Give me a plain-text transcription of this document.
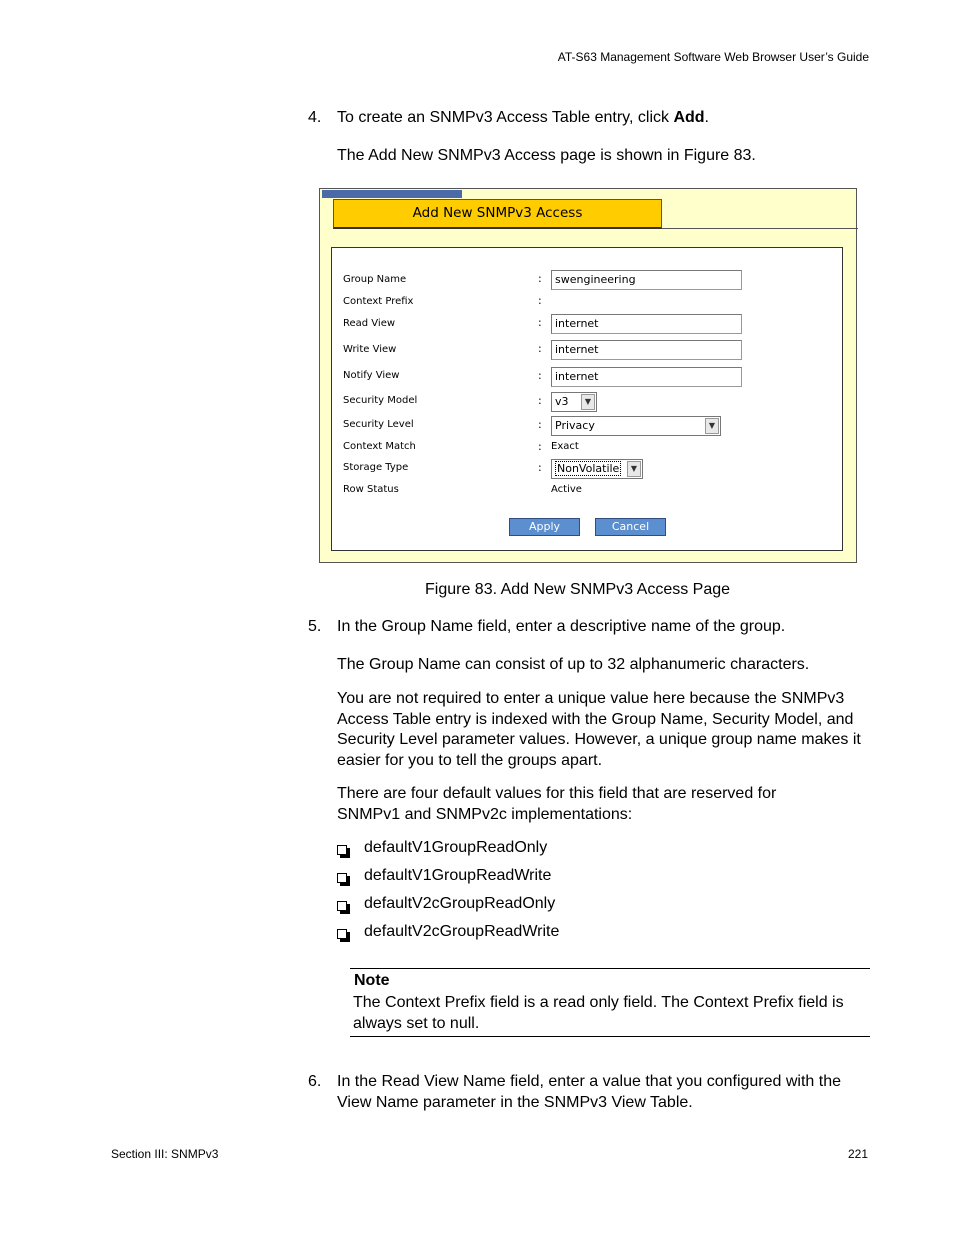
AT-S63 Management Software Web Browser User’s Guide
4. To create an SNMPv3 Access Table entry, click Add.
The Add New SNMPv3 Access page is shown in Figure 83.
Add New SNMPv3 Access
Group Name	:	swengineering
Context Prefix	:
Read View	:	internet
Write View	:	internet
Notify View	:	internet
Security Model	:	v3	▼
Security Level	:	Privacy	▼
Context Match	: Exact
Storage Type	:	NonVolatile	▼
Row Status	Active
Apply	Cancel
Figure 83. Add New SNMPv3 Access Page
5. In the Group Name field, enter a descriptive name of the group.
The Group Name can consist of up to 32 alphanumeric characters.
You are not required to enter a unique value here because the SNMPv3 Access Table entry is indexed with the Group Name, Security Model, and Security Level parameter values. However, a unique group name makes it easier for you to tell the groups apart.
There are four default values for this field that are reserved for SNMPv1 and SNMPv2c implementations:
defaultV1GroupReadOnly
defaultV1GroupReadWrite
defaultV2cGroupReadOnly
defaultV2cGroupReadWrite
Note
The Context Prefix field is a read only field. The Context Prefix field is always set to null.
6. In the Read View Name field, enter a value that you configured with the View Name parameter in the SNMPv3 View Table.
Section III: SNMPv3	221
